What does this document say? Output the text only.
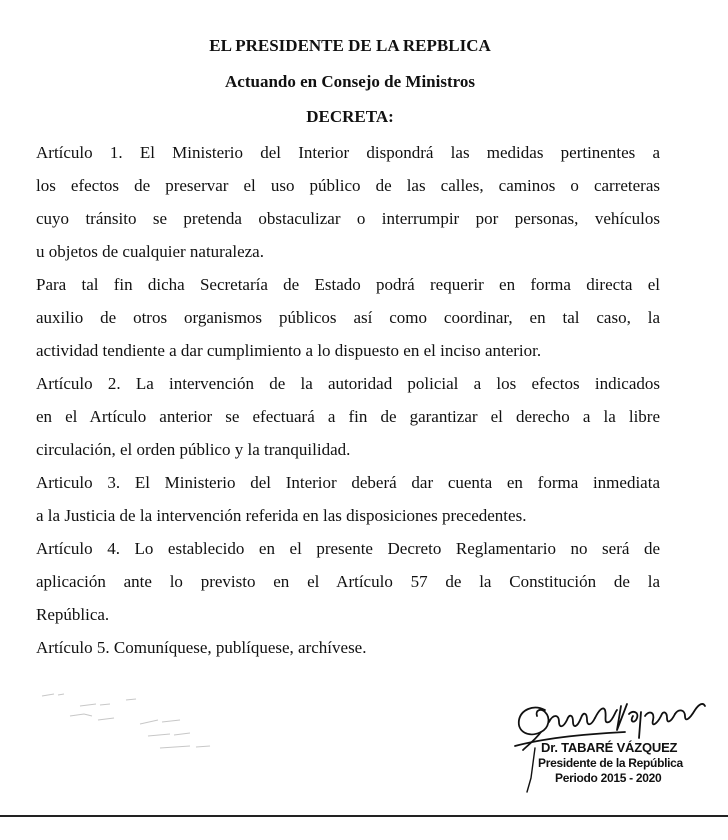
EL PRESIDENTE DE LA REPBLICA
Actuando en Consejo de Ministros
DECRETA:

Artículo 1. El Ministerio del Interior dispondrá las medidas pertinentes a
los efectos de preservar el uso público de las calles, caminos o carreteras
cuyo tránsito se pretenda obstaculizar o interrumpir por personas, vehículos
u objetos de cualquier naturaleza.

Para tal fin dicha Secretaría de Estado podrá requerir en forma directa el
auxilio de otros organismos públicos así como coordinar, en tal caso, la
actividad tendiente a dar cumplimiento a lo dispuesto en el inciso anterior.

Artículo 2. La intervención de la autoridad policial a los efectos indicados
en el Artículo anterior se efectuará a fin de garantizar el derecho a la libre
circulación, el orden público y la tranquilidad.

Articulo 3. El Ministerio del Interior deberá dar cuenta en forma inmediata
a la Justicia de la intervención referida en las disposiciones precedentes.

Artículo 4. Lo establecido en el presente Decreto Reglamentario no será de
aplicación ante lo previsto en el Artículo 57 de la Constitución de la
República.

Artículo 5. Comuníquese, publíquese, archívese.

Dr. TABARÉ VÁZQUEZ
Presidente de la República
Periodo 2015 - 2020
